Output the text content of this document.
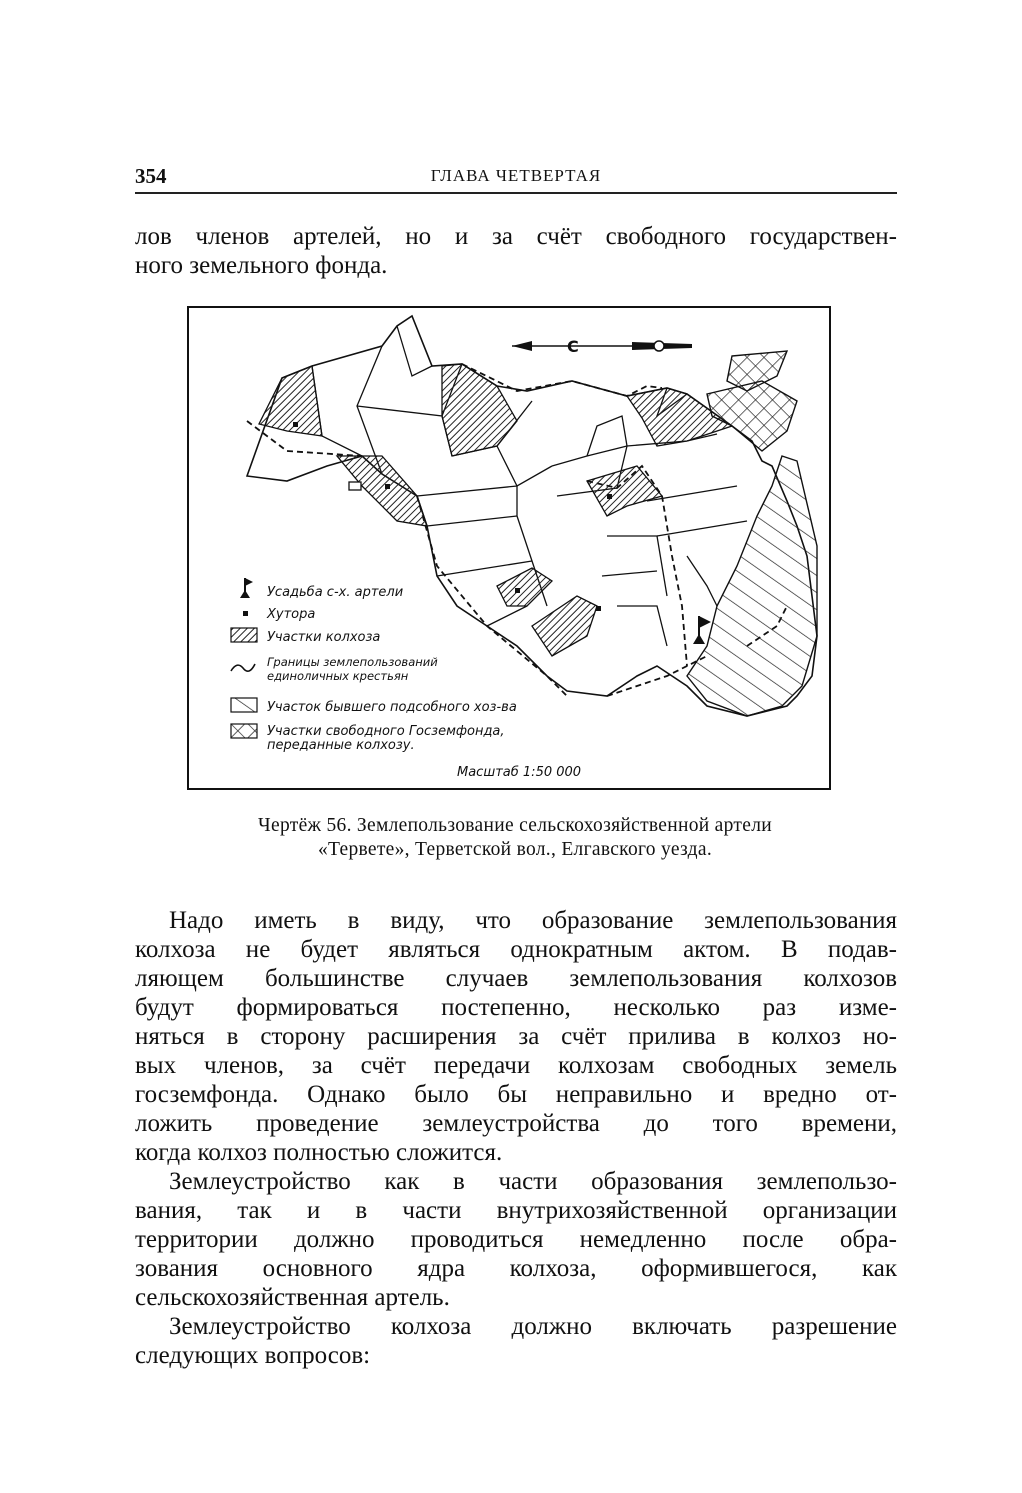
354	ГЛАВА ЧЕТВЕРТАЯ
лов членов артелей, но и за счёт свободного государствен-
ного земельного фонда.
С
Усадьба с-х. артели
Хутора
Участки колхоза
Границы землепользований
единоличных крестьян
Участок бывшего подсобного хоз-ва
Участки свободного Госземфонда,
переданные колхозу.
Масштаб 1:50 000
Чертёж 56. Землепользование сельскохозяйственной артели
«Тервете», Терветской вол., Елгавского уезда.
Надо иметь в виду, что образование землепользования
колхоза не будет являться однократным актом. В подав-
ляющем большинстве случаев землепользования колхозов
будут формироваться постепенно, несколько раз изме-
няться в сторону расширения за счёт прилива в колхоз но-
вых членов, за счёт передачи колхозам свободных земель
госземфонда. Однако было бы неправильно и вредно от-
ложить проведение землеустройства до того времени,
когда колхоз полностью сложится.
Землеустройство как в части образования землепользо-
вания, так и в части внутрихозяйственной организации
территории должно проводиться немедленно после обра-
зования основного ядра колхоза, оформившегося, как
сельскохозяйственная артель.
Землеустройство колхоза должно включать разрешение
следующих вопросов:
